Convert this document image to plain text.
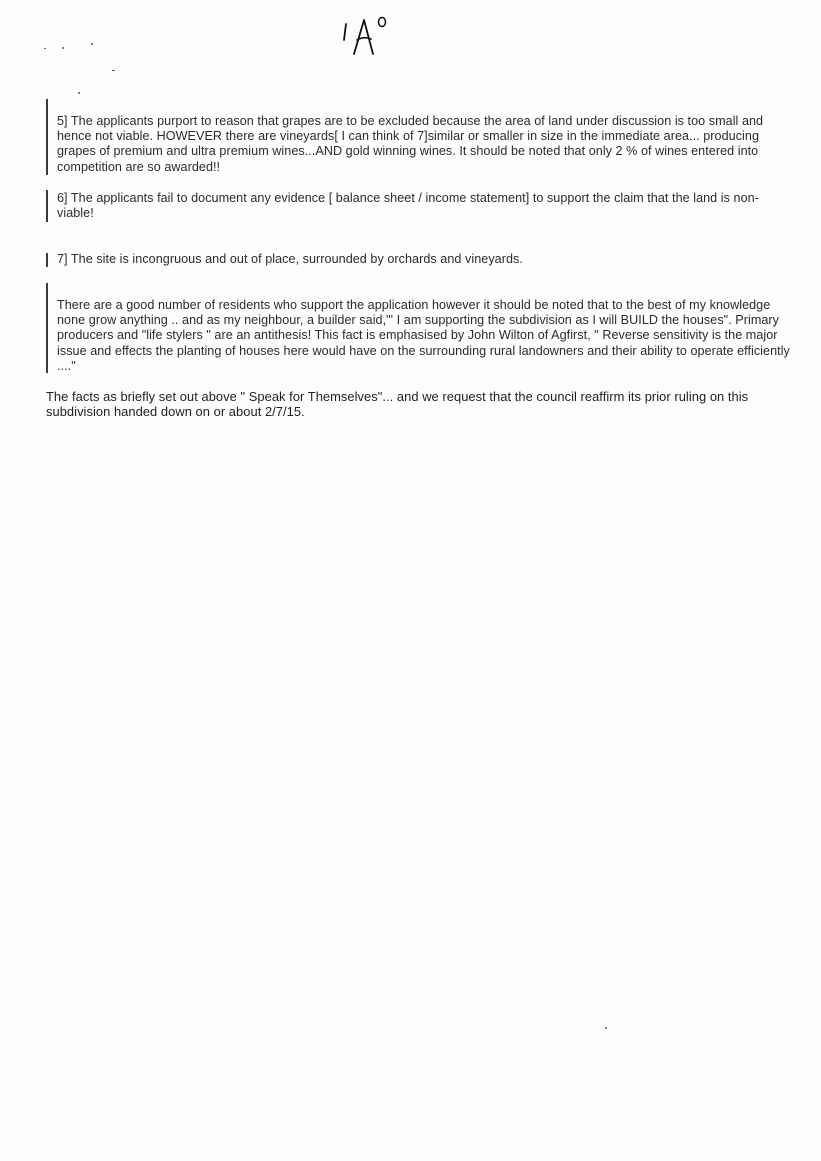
5] The applicants purport to reason that grapes are to be excluded because the area of land under discussion is too small and hence not viable. HOWEVER there are vineyards[ I can think of 7]similar or smaller in size in the immediate area... producing grapes of premium and ultra premium wines...AND gold winning wines. It should be noted that only 2 % of wines entered into competition are so awarded!!

6] The applicants fail to document any evidence [ balance sheet / income statement] to support the claim that the land is non-viable!

7] The site is incongruous and out of place, surrounded by orchards and vineyards.

There are a good number of residents who support the application however it should be noted that to the best of my knowledge none grow anything .. and as my neighbour, a builder said,"' I am supporting the subdivision as I will BUILD the houses". Primary producers and "life stylers " are an antithesis! This fact is emphasised by John Wilton of Agfirst, " Reverse sensitivity is the major issue and effects the planting of houses here would have on the surrounding rural landowners and their ability to operate efficiently ...."

The facts as briefly set out above " Speak for Themselves"... and we request that the council reaffirm its prior ruling on this subdivision handed down on or about 2/7/15.
